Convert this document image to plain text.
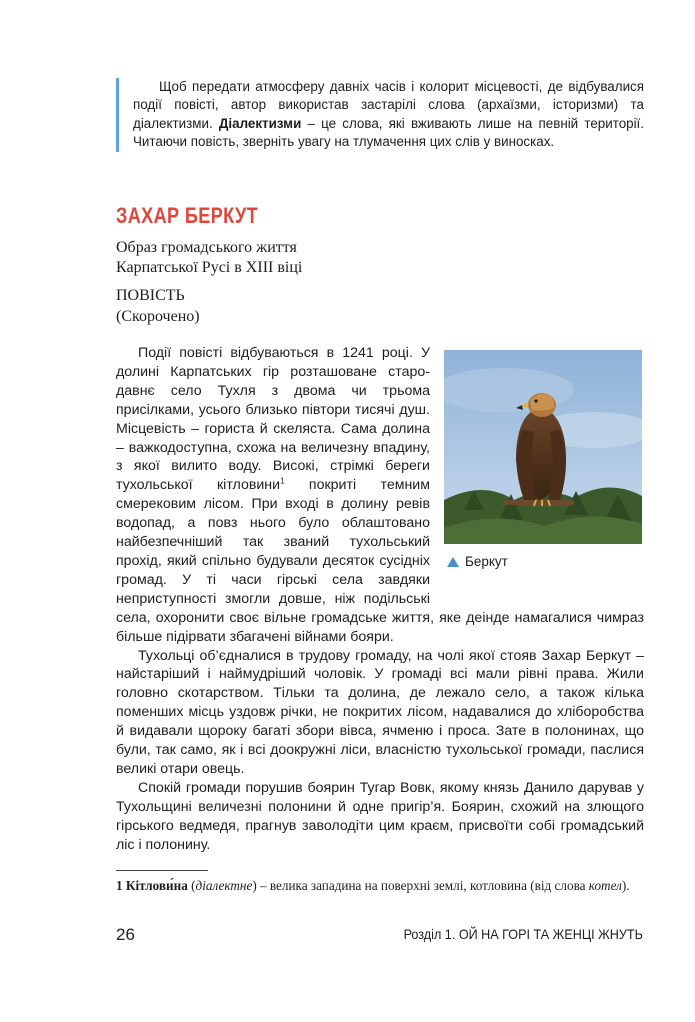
Щоб передати атмосферу давніх часів і колорит місцевості, де відбувалися події повісті, автор використав застарілі слова (архаїзми, історизми) та діалектизми. Діалектизми – це слова, які вживають лише на певній території. Читаючи повість, зверніть увагу на тлумачення цих слів у виносках.

ЗАХАР БЕРКУТ
Образ громадського життя
Карпатської Русі в XIII віці
ПОВІСТЬ
(Скорочено)

Події повісті відбуваються в 1241 році. У долині Карпатських гір розташоване стародавнє село Тухля з двома чи трьома присілками, усього близько півтори тисячі душ. Місцевість – гориста й скеляста. Сама долина – важкодоступна, схожа на величезну впадину, з якої вилито воду. Високі, стрімкі береги тухольської кітловини$^1$ покриті темним смерековим лісом. При вході в долину ревів водопад, а повз нього було облаштовано найбезпечніший так званий тухольський прохід, який спільно будували десяток сусідніх громад. У ті часи гірські села завдяки неприступності змогли довше, ніж подільські села, охоронити своє вільне громадське життя, яке деінде намагалися чимраз більше підірвати збагачені війнами бояри.

Тухольці об’єдналися в трудову громаду, на чолі якої стояв Захар Беркут – найстаріший і наймудріший чоловік. У громаді всі мали рівні права. Жили головно скотарством. Тільки та долина, де лежало село, а також кілька поменших місць уздовж річки, не покритих лісом, надавалися до хліборобства й видавали щороку багаті збори вівса, ячменю і проса. Зате в полонинах, що були, так само, як і всі доокружні ліси, власністю тухольської громади, паслися великі отари овець.

Спокій громади порушив боярин Тугар Вовк, якому князь Данило дарував у Тухольщині величезні полонини й одне пригір’я. Боярин, схожий на злющого гірського ведмедя, прагнув заволодіти цим краєм, присвоїти собі громадський ліс і полонину.

Беркут
1 Кітлови́на (діалектне) – велика западина на поверхні землі, котловина (від слова котел).
26	Розділ 1. ОЙ НА ГОРІ ТА ЖЕНЦІ ЖНУТЬ
